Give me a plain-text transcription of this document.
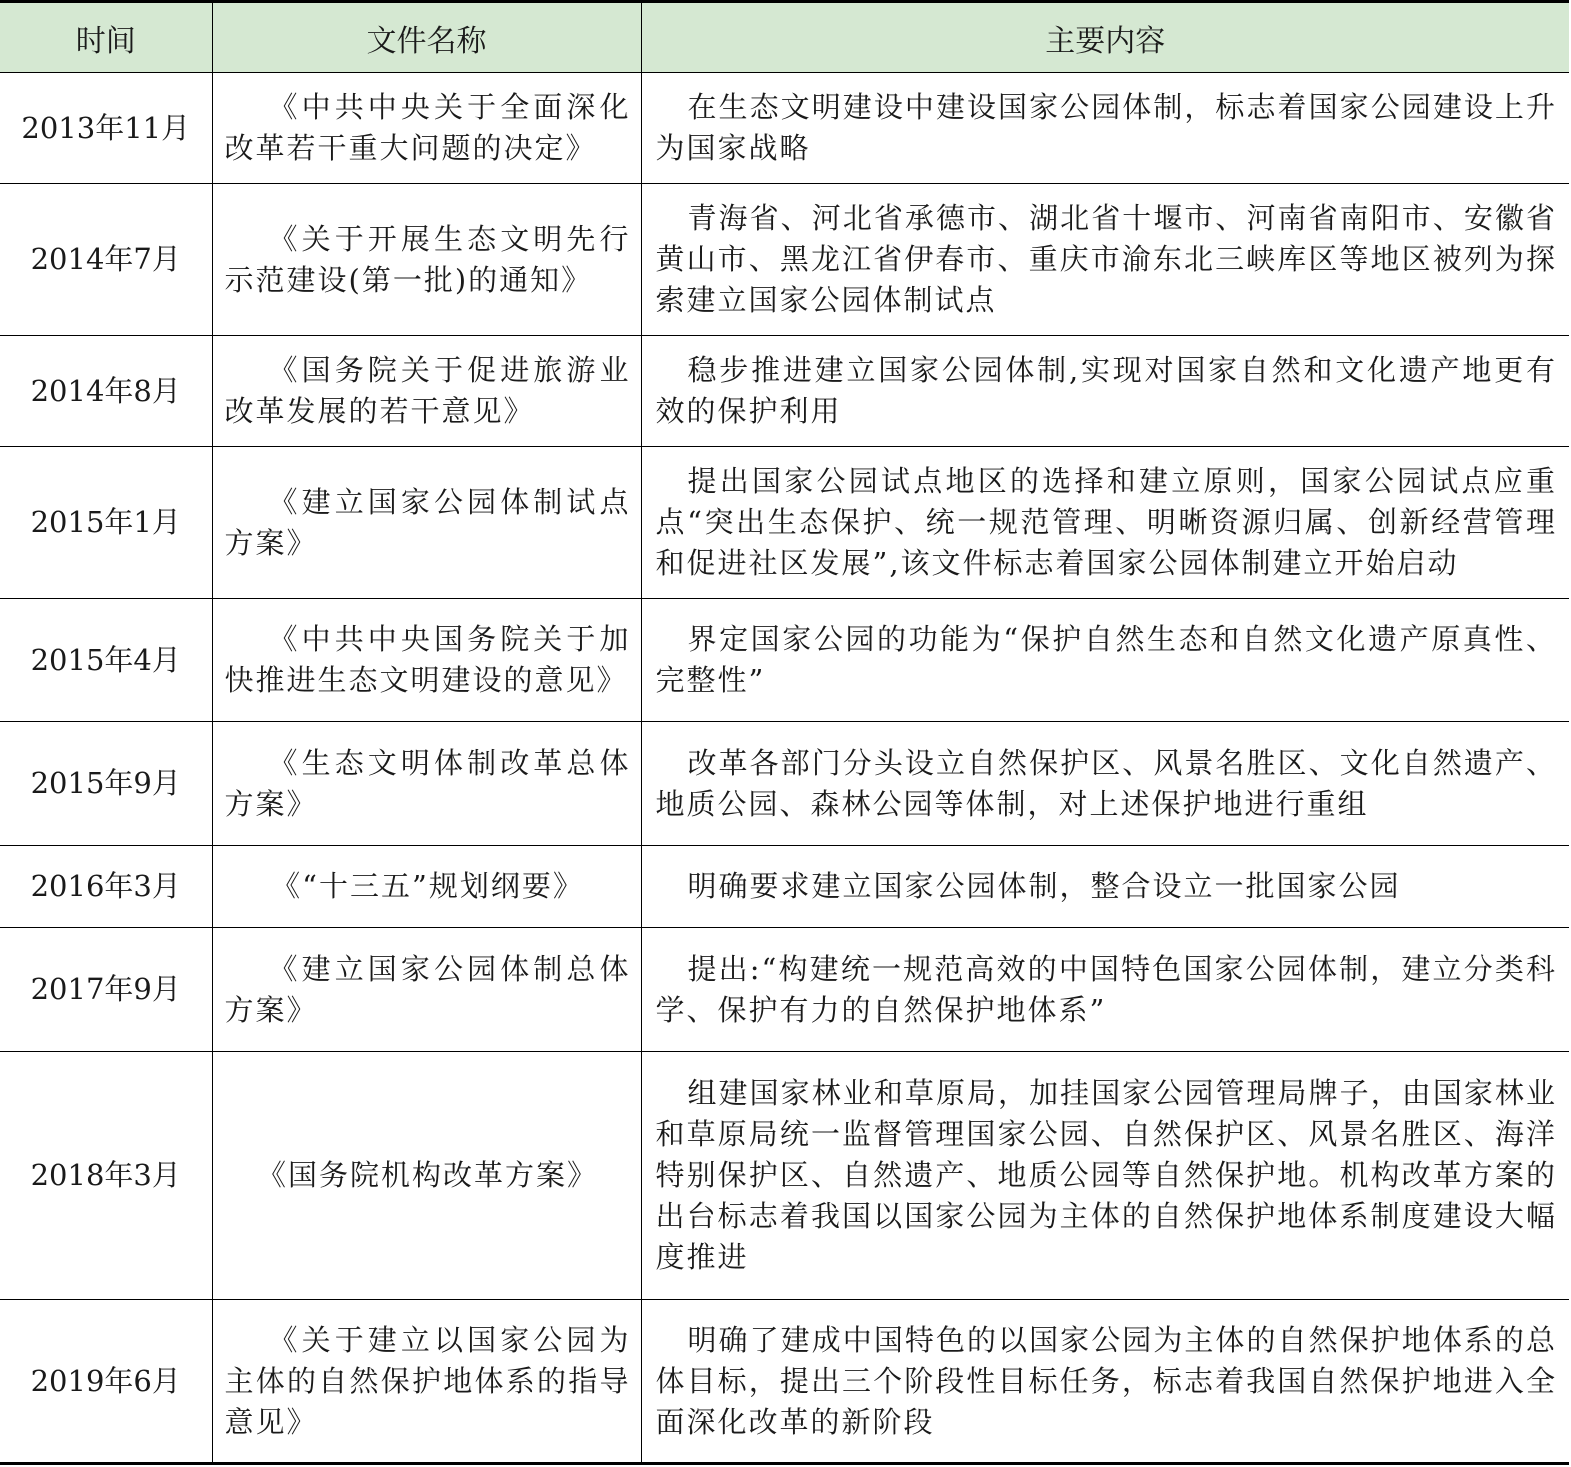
时间	文件名称	主要内容
2013年11月	《中共中央关于全面深化改革若干重大问题的决定》	在生态文明建设中建设国家公园体制，标志着国家公园建设上升为国家战略
2014年7月	《关于开展生态文明先行示范建设(第一批)的通知》	青海省、河北省承德市、湖北省十堰市、河南省南阳市、安徽省黄山市、黑龙江省伊春市、重庆市渝东北三峡库区等地区被列为探索建立国家公园体制试点
2014年8月	《国务院关于促进旅游业改革发展的若干意见》	稳步推进建立国家公园体制,实现对国家自然和文化遗产地更有效的保护利用
2015年1月	《建立国家公园体制试点方案》	提出国家公园试点地区的选择和建立原则，国家公园试点应重点“突出生态保护、统一规范管理、明晰资源归属、创新经营管理和促进社区发展”,该文件标志着国家公园体制建立开始启动
2015年4月	《中共中央国务院关于加快推进生态文明建设的意见》	界定国家公园的功能为“保护自然生态和自然文化遗产原真性、完整性”
2015年9月	《生态文明体制改革总体方案》	改革各部门分头设立自然保护区、风景名胜区、文化自然遗产、地质公园、森林公园等体制，对上述保护地进行重组
2016年3月	《“十三五”规划纲要》	明确要求建立国家公园体制，整合设立一批国家公园
2017年9月	《建立国家公园体制总体方案》	提出:“构建统一规范高效的中国特色国家公园体制，建立分类科学、保护有力的自然保护地体系”
2018年3月	《国务院机构改革方案》	组建国家林业和草原局，加挂国家公园管理局牌子，由国家林业和草原局统一监督管理国家公园、自然保护区、风景名胜区、海洋特别保护区、自然遗产、地质公园等自然保护地。机构改革方案的出台标志着我国以国家公园为主体的自然保护地体系制度建设大幅度推进
2019年6月	《关于建立以国家公园为主体的自然保护地体系的指导意见》	明确了建成中国特色的以国家公园为主体的自然保护地体系的总体目标，提出三个阶段性目标任务，标志着我国自然保护地进入全面深化改革的新阶段
